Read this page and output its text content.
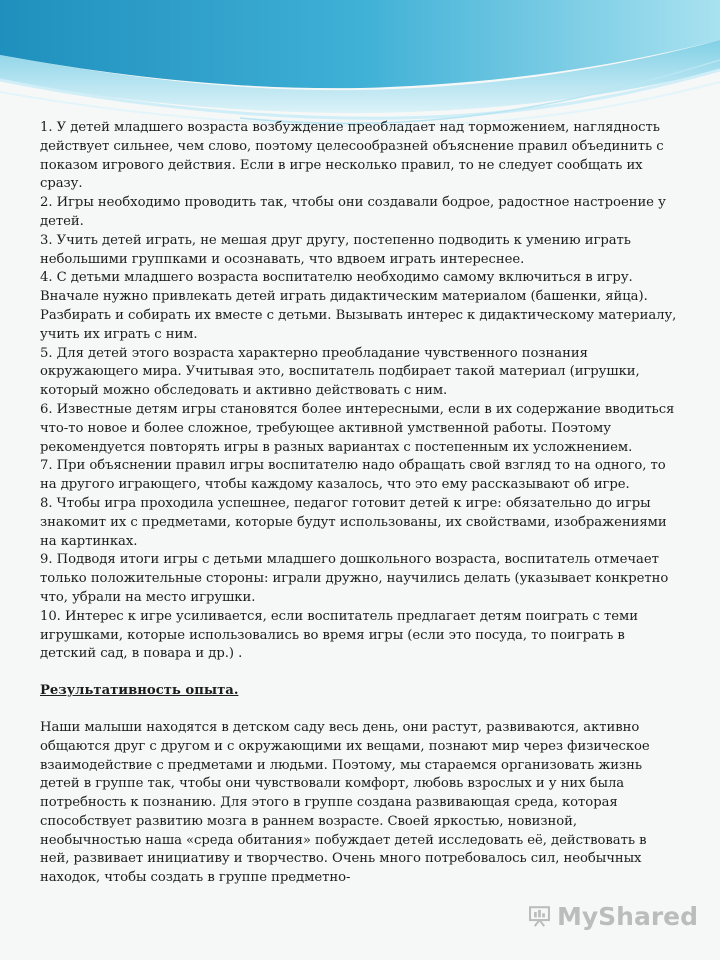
1. У детей младшего возраста возбуждение преобладает над торможением, наглядность действует сильнее, чем слово, поэтому целесообразней объяснение правил объединить с показом игрового действия. Если в игре несколько правил, то не следует сообщать их сразу.

2. Игры необходимо проводить так, чтобы они создавали бодрое, радостное настроение у детей.

3. Учить детей играть, не мешая друг другу, постепенно подводить к умению играть небольшими группками и осознавать, что вдвоем играть интереснее.

4. С детьми младшего возраста воспитателю необходимо самому включиться в игру. Вначале нужно привлекать детей играть дидактическим материалом (башенки, яйца). Разбирать и собирать их вместе с детьми. Вызывать интерес к дидактическому материалу, учить их играть с ним.

5. Для детей этого возраста характерно преобладание чувственного познания окружающего мира. Учитывая это, воспитатель подбирает такой материал (игрушки, который можно обследовать и активно действовать с ним.

6. Известные детям игры становятся более интересными, если в их содержание вводиться что-то новое и более сложное, требующее активной умственной работы. Поэтому рекомендуется повторять игры в разных вариантах с постепенным их усложнением.

7. При объяснении правил игры воспитателю надо обращать свой взгляд то на одного, то на другого играющего, чтобы каждому казалось, что это ему рассказывают об игре.

8. Чтобы игра проходила успешнее, педагог готовит детей к игре: обязательно до игры знакомит их с предметами, которые будут использованы, их свойствами, изображениями на картинках.

9. Подводя итоги игры с детьми младшего дошкольного возраста, воспитатель отмечает только положительные стороны: играли дружно, научились делать (указывает конкретно что, убрали на место игрушки.

10. Интерес к игре усиливается, если воспитатель предлагает детям поиграть с теми игрушками, которые использовались во время игры (если это посуда, то поиграть в детский сад, в повара и др.) .

Результативность опыта.

Наши малыши находятся в детском саду весь день, они растут, развиваются, активно общаются друг с другом и с окружающими их вещами, познают мир через физическое взаимодействие с предметами и людьми. Поэтому, мы стараемся организовать жизнь детей в группе так, чтобы они чувствовали комфорт, любовь взрослых и у них была потребность к познанию. Для этого в группе создана развивающая среда, которая способствует развитию мозга в раннем возрасте. Своей яркостью, новизной, необычностью наша «среда обитания» побуждает детей исследовать её, действовать в ней, развивает инициативу и творчество. Очень много потребовалось сил, необычных находок, чтобы создать в группе предметно-

MyShared
